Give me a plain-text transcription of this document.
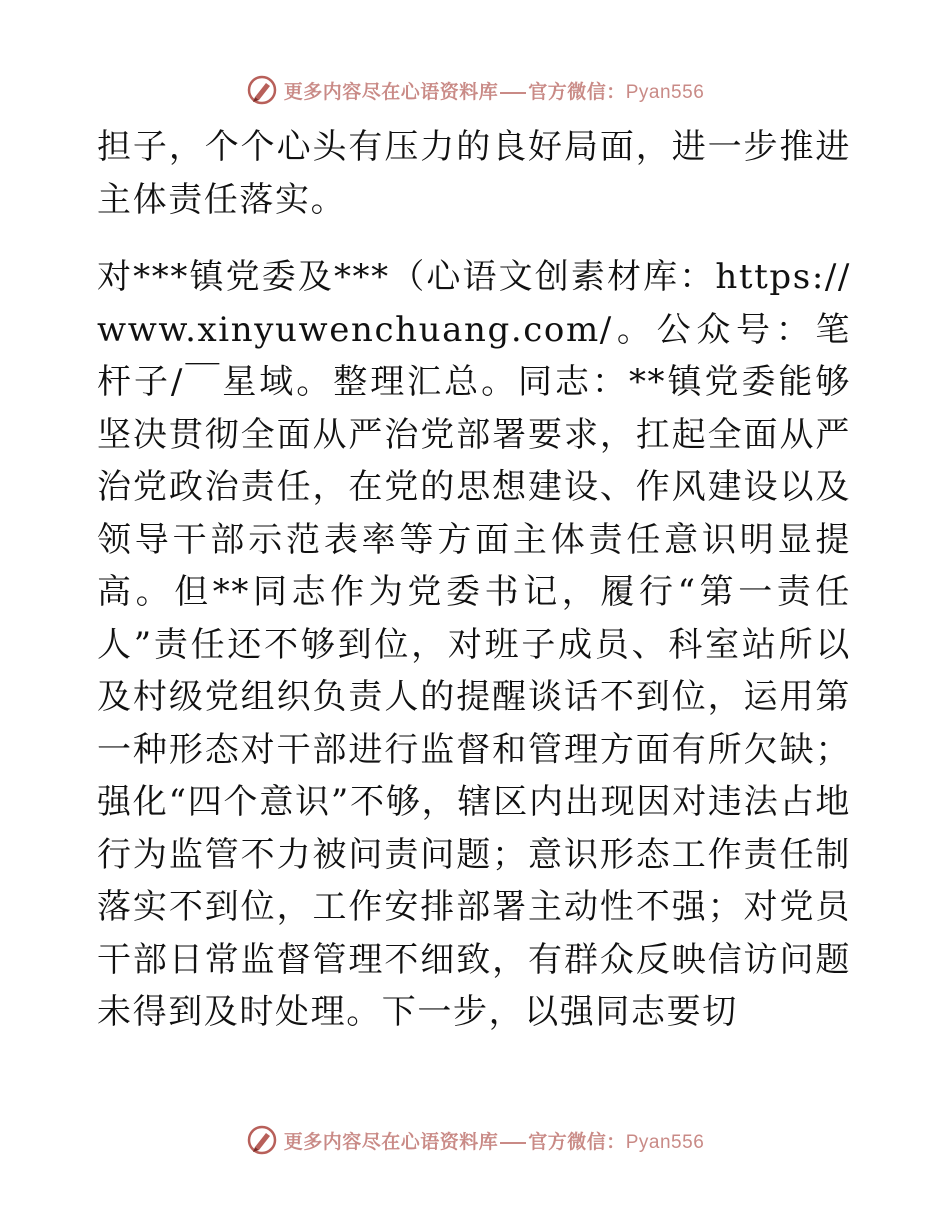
更多内容尽在心语资料库 官方微信：Pyan556

担子，个个心头有压力的良好局面，进一步推进主体责任落实。

对***镇党委及***（心语文创素材库：https://www.xinyuwenchuang.com/。公众号：笔杆子/￣星域。整理汇总。同志：**镇党委能够坚决贯彻全面从严治党部署要求，扛起全面从严治党政治责任，在党的思想建设、作风建设以及领导干部示范表率等方面主体责任意识明显提高。但**同志作为党委书记，履行“第一责任人”责任还不够到位，对班子成员、科室站所以及村级党组织负责人的提醒谈话不到位，运用第一种形态对干部进行监督和管理方面有所欠缺；强化“四个意识”不够，辖区内出现因对违法占地行为监管不力被问责问题；意识形态工作责任制落实不到位，工作安排部署主动性不强；对党员干部日常监督管理不细致，有群众反映信访问题未得到及时处理。下一步，以强同志要切

更多内容尽在心语资料库 官方微信：Pyan556
